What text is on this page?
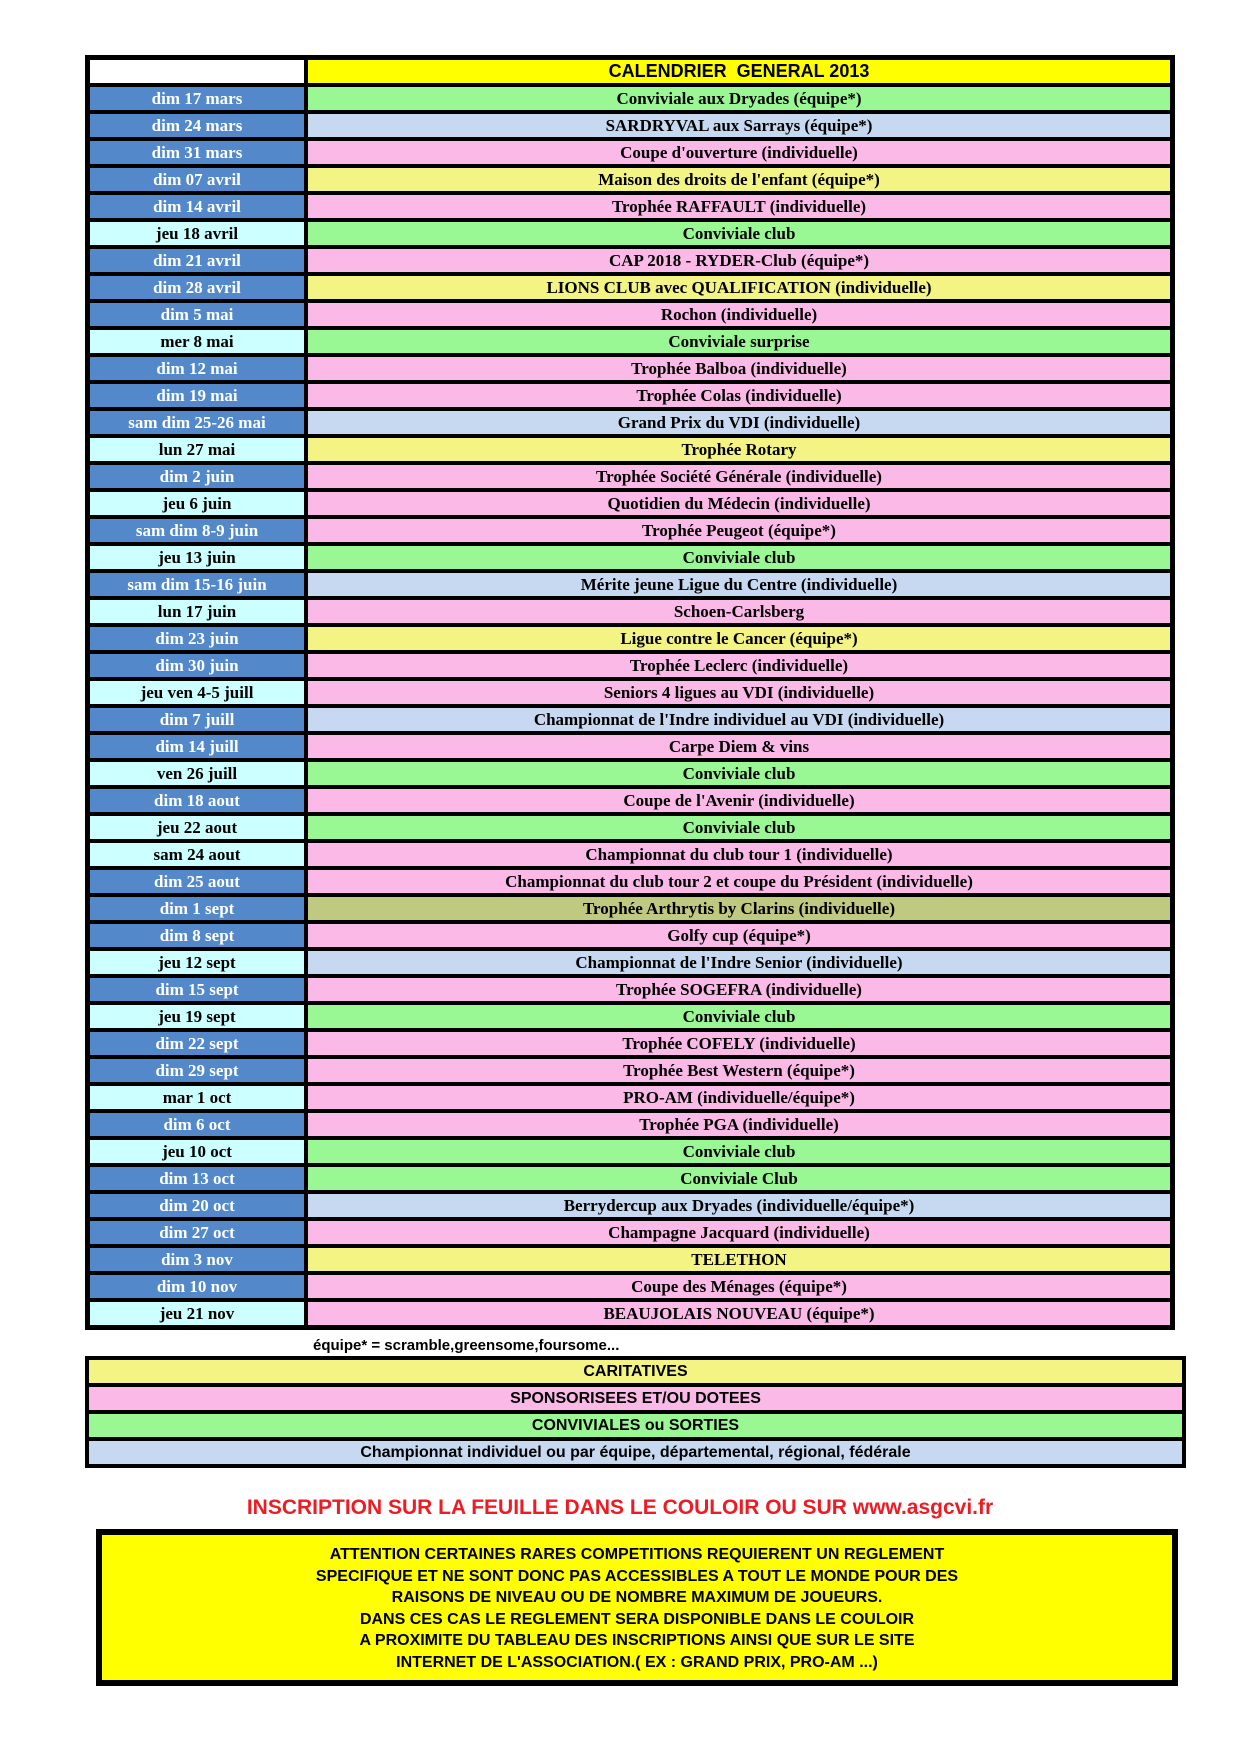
CALENDRIER  GENERAL 2013
dim 17 mars	Conviviale aux Dryades (équipe*)
dim 24 mars	SARDRYVAL aux Sarrays (équipe*)
dim 31 mars	Coupe d'ouverture (individuelle)
dim 07 avril	Maison des droits de l'enfant (équipe*)
dim 14 avril	Trophée RAFFAULT (individuelle)
jeu 18 avril	Conviviale club
dim 21 avril	CAP 2018 - RYDER-Club (équipe*)
dim 28 avril	LIONS CLUB avec QUALIFICATION (individuelle)
dim 5 mai	Rochon (individuelle)
mer 8 mai	Conviviale surprise
dim 12 mai	Trophée Balboa (individuelle)
dim 19 mai	Trophée Colas (individuelle)
sam dim 25-26 mai	Grand Prix du VDI (individuelle)
lun 27 mai	Trophée Rotary
dim 2 juin	Trophée Société Générale (individuelle)
jeu 6 juin	Quotidien du Médecin (individuelle)
sam dim 8-9 juin	Trophée Peugeot (équipe*)
jeu 13 juin	Conviviale club
sam dim 15-16 juin	Mérite jeune Ligue du Centre (individuelle)
lun 17 juin	Schoen-Carlsberg
dim 23 juin	Ligue contre le Cancer (équipe*)
dim 30 juin	Trophée Leclerc (individuelle)
jeu ven 4-5 juill	Seniors 4 ligues au VDI (individuelle)
dim 7 juill	Championnat de l'Indre individuel au VDI (individuelle)
dim 14 juill	Carpe Diem & vins
ven 26 juill	Conviviale club
dim 18 aout	Coupe de l'Avenir (individuelle)
jeu 22 aout	Conviviale club
sam 24 aout	Championnat du club tour 1 (individuelle)
dim 25 aout	Championnat du club tour 2 et coupe du Président (individuelle)
dim 1 sept	Trophée Arthrytis by Clarins (individuelle)
dim 8 sept	Golfy cup (équipe*)
jeu 12 sept	Championnat de l'Indre Senior (individuelle)
dim 15 sept	Trophée SOGEFRA (individuelle)
jeu 19 sept	Conviviale club
dim 22 sept	Trophée COFELY (individuelle)
dim 29 sept	Trophée Best Western (équipe*)
mar 1 oct	PRO-AM (individuelle/équipe*)
dim 6 oct	Trophée PGA (individuelle)
jeu 10 oct	Conviviale club
dim 13 oct	Conviviale Club
dim 20 oct	Berrydercup aux Dryades (individuelle/équipe*)
dim 27 oct	Champagne Jacquard (individuelle)
dim 3 nov	TELETHON
dim 10 nov	Coupe des Ménages (équipe*)
jeu 21 nov	BEAUJOLAIS NOUVEAU (équipe*)
équipe* = scramble,greensome,foursome...
CARITATIVES
SPONSORISEES ET/OU DOTEES
CONVIVIALES ou SORTIES
Championnat individuel ou par équipe, départemental, régional, fédérale
INSCRIPTION SUR LA FEUILLE DANS LE COULOIR OU SUR www.asgcvi.fr
ATTENTION CERTAINES RARES COMPETITIONS REQUIERENT UN REGLEMENT
SPECIFIQUE ET NE SONT DONC PAS ACCESSIBLES A TOUT LE MONDE POUR DES
RAISONS DE NIVEAU OU DE NOMBRE MAXIMUM DE JOUEURS.
DANS CES CAS LE REGLEMENT SERA DISPONIBLE DANS LE COULOIR
A PROXIMITE DU TABLEAU DES INSCRIPTIONS AINSI QUE SUR LE SITE
INTERNET DE L'ASSOCIATION.( EX : GRAND PRIX, PRO-AM ...)
